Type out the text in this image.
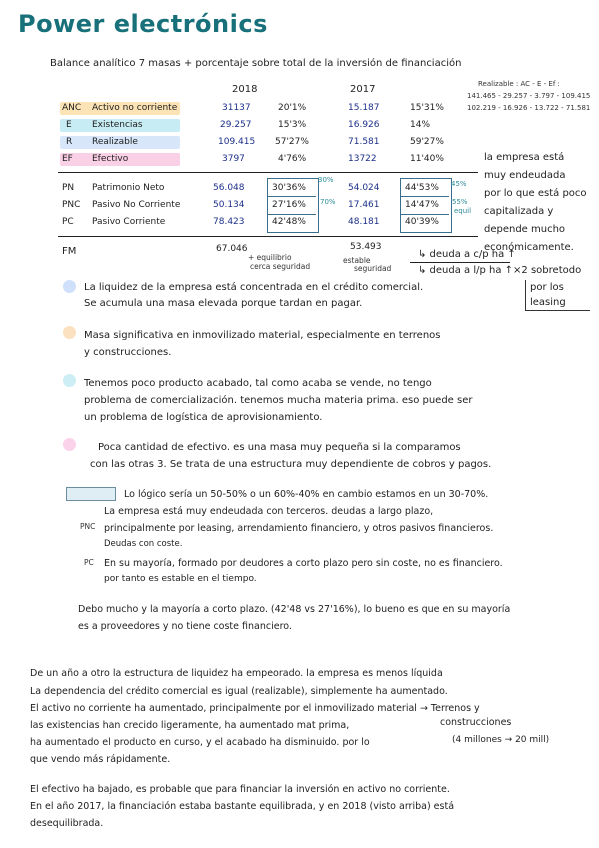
Power electrónics
Balance analítico 7 masas + porcentaje sobre total de la inversión de financiación
Realizable : AC - E - Ef :
141.465 - 29.257 - 3.797 - 109.415
102.219 - 16.926 - 13.722 - 71.581
2018	2017
ANC Activo no corriente	31137	20'1%	15.187	15'31%
E Existencias	29.257	15'3%	16.926	14%
R Realizable	109.415 57'27%	71.581	59'27%
EF Efectivo	3797	4'76%	13722	11'40%	la empresa está
muy endeudada
por lo que está poco
capitalizada y
depende mucho
económicamente.
30%	45%
70%	55%
equil
PN Patrimonio Neto	56.048	30'36%	54.024	44'53%
PNC Pasivo No Corriente	50.134	27'16%	17.461	14'47%
PC Pasivo Corriente	78.423	42'48%	48.181	40'39%
FM	67.046	53.493
+ equilibrio
cerca seguridad
estable
seguridad
↳ deuda a c/p ha ↑
↳ deuda a l/p ha ↑×2 sobretodo
por los leasing
La liquidez de la empresa está concentrada en el crédito comercial.
Se acumula una masa elevada porque tardan en pagar.
Masa significativa en inmovilizado material, especialmente en terrenos
y construcciones.
Tenemos poco producto acabado, tal como acaba se vende, no tengo
problema de comercialización. tenemos mucha materia prima. eso puede ser
un problema de logística de aprovisionamiento.
Poca cantidad de efectivo. es una masa muy pequeña si la comparamos
con las otras 3. Se trata de una estructura muy dependiente de cobros y pagos.
Lo lógico sería un 50-50% o un 60%-40% en cambio estamos en un 30-70%.
PNC
La empresa está muy endeudada con terceros. deudas a largo plazo,
principalmente por leasing, arrendamiento financiero, y otros pasivos financieros.
Deudas con coste.
PC En su mayoría, formado por deudores a corto plazo pero sin coste, no es financiero.
por tanto es estable en el tiempo.
Debo mucho y la mayoría a corto plazo. (42'48 vs 27'16%), lo bueno es que en su mayoría
es a proveedores y no tiene coste financiero.
De un año a otro la estructura de liquidez ha empeorado. la empresa es menos líquida
La dependencia del crédito comercial es igual (realizable), simplemente ha aumentado.
El activo no corriente ha aumentado, principalmente por el inmovilizado material → Terrenos y
las existencias han crecido ligeramente, ha aumentado mat prima,	construcciones
(4 millones → 20 mill)
ha aumentado el producto en curso, y el acabado ha disminuido. por lo
que vendo más rápidamente.
El efectivo ha bajado, es probable que para financiar la inversión en activo no corriente.
En el año 2017, la financiación estaba bastante equilibrada, y en 2018 (visto arriba) está
desequilibrada.
